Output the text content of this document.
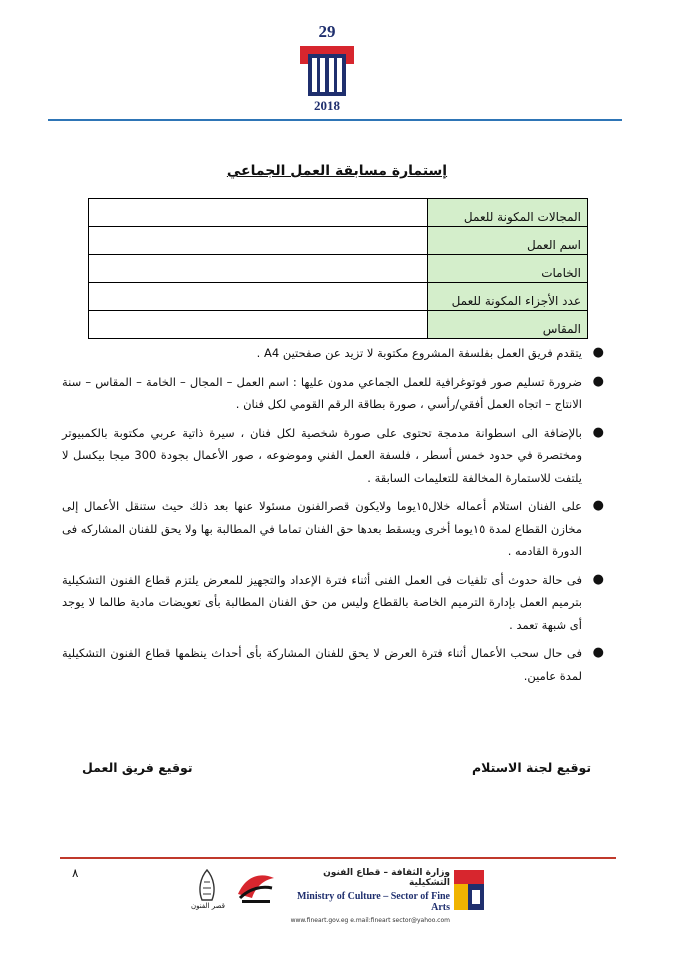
29
2018
إستمارة مسابقة العمل الجماعي
المجالات المكونة للعمل	
اسم العمل	
الخامات	
عدد الأجزاء المكونة للعمل	
المقاس	
●
يتقدم فريق العمل بفلسفة المشروع مكتوبة لا تزيد عن صفحتين A4 .
●
ضرورة تسليم صور فوتوغرافية للعمل الجماعي مدون عليها : اسم العمل – المجال – الخامة – المقاس – سنة الانتاج – اتجاه العمل أفقي/رأسي ، صورة بطاقة الرقم القومي لكل فنان .
●
بالإضافة الى اسطوانة مدمجة تحتوى على صورة شخصية لكل فنان ، سيرة ذاتية عربي مكتوبة بالكمبيوتر ومختصرة في حدود خمس أسطر ، فلسفة العمل الفني وموضوعه ، صور الأعمال بجودة 300 ميجا بيكسل لا يلتفت للاستمارة المخالفة للتعليمات السابقة .
●
على الفنان استلام أعماله خلال١٥يوما ولايكون قصرالفنون مسئولا عنها بعد ذلك حيث ستنقل الأعمال إلى مخازن القطاع لمدة ١٥يوما أخرى ويسقط بعدها حق الفنان تماما في المطالبة بها ولا يحق للفنان المشاركه فى الدورة القادمه .
●
فى حالة حدوث أى تلفيات فى العمل الفنى أثناء فترة الإعداد والتجهيز للمعرض يلتزم قطاع الفنون التشكيلية بترميم العمل بإدارة الترميم الخاصة بالقطاع وليس من حق الفنان المطالبة بأى تعويضات مادية طالما لا يوجد أى شبهة تعمد .
●
فى حال سحب الأعمال أثناء فترة العرض لا يحق للفنان المشاركة بأى أحداث ينظمها قطاع الفنون التشكيلية لمدة عامين.
توقيع لجنة الاستلام
توقيع فريق العمل
٨
قصر الفنون
وزارة الثقافة – قطاع الفنون التشكيلية
Ministry of Culture – Sector of Fine Arts
www.fineart.gov.eg e.mail:fineart sector@yahoo.com
